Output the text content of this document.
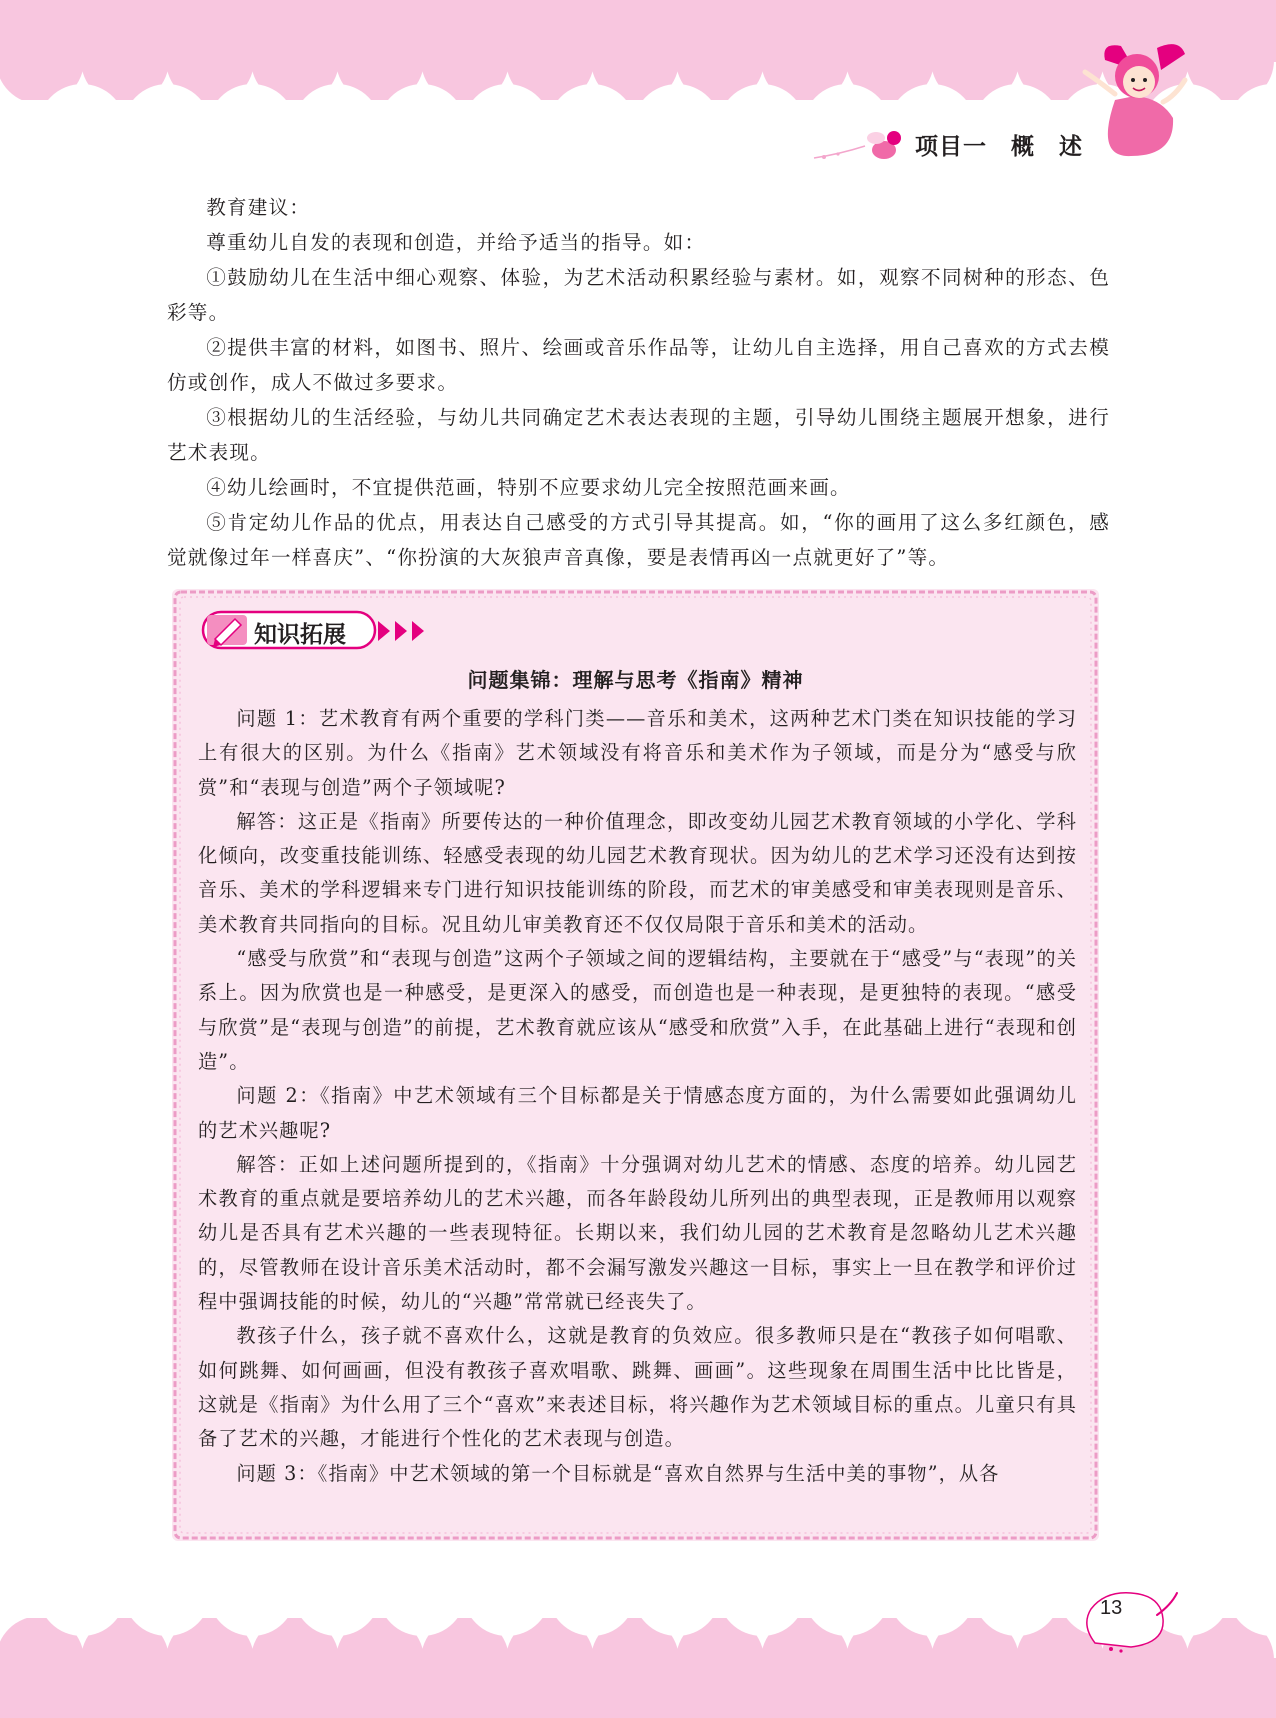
项目一 概　述

教育建议：

尊重幼儿自发的表现和创造，并给予适当的指导。如：

①鼓励幼儿在生活中细心观察、体验，为艺术活动积累经验与素材。如，观察不同树种的形态、色彩等。

②提供丰富的材料，如图书、照片、绘画或音乐作品等，让幼儿自主选择，用自己喜欢的方式去模仿或创作，成人不做过多要求。

③根据幼儿的生活经验，与幼儿共同确定艺术表达表现的主题，引导幼儿围绕主题展开想象，进行艺术表现。

④幼儿绘画时，不宜提供范画，特别不应要求幼儿完全按照范画来画。

⑤肯定幼儿作品的优点，用表达自己感受的方式引导其提高。如，“你的画用了这么多红颜色，感觉就像过年一样喜庆”、“你扮演的大灰狼声音真像，要是表情再凶一点就更好了”等。

知识拓展
问题集锦：理解与思考《指南》精神

问题 1：艺术教育有两个重要的学科门类——音乐和美术，这两种艺术门类在知识技能的学习上有很大的区别。为什么《指南》艺术领域没有将音乐和美术作为子领域，而是分为“感受与欣赏”和“表现与创造”两个子领域呢?

解答：这正是《指南》所要传达的一种价值理念，即改变幼儿园艺术教育领域的小学化、学科化倾向，改变重技能训练、轻感受表现的幼儿园艺术教育现状。因为幼儿的艺术学习还没有达到按音乐、美术的学科逻辑来专门进行知识技能训练的阶段，而艺术的审美感受和审美表现则是音乐、美术教育共同指向的目标。况且幼儿审美教育还不仅仅局限于音乐和美术的活动。

“感受与欣赏”和“表现与创造”这两个子领域之间的逻辑结构，主要就在于“感受”与“表现”的关系上。因为欣赏也是一种感受，是更深入的感受，而创造也是一种表现，是更独特的表现。“感受与欣赏”是“表现与创造”的前提，艺术教育就应该从“感受和欣赏”入手，在此基础上进行“表现和创造”。

问题 2：《指南》中艺术领域有三个目标都是关于情感态度方面的，为什么需要如此强调幼儿的艺术兴趣呢?

解答：正如上述问题所提到的，《指南》十分强调对幼儿艺术的情感、态度的培养。幼儿园艺术教育的重点就是要培养幼儿的艺术兴趣，而各年龄段幼儿所列出的典型表现，正是教师用以观察幼儿是否具有艺术兴趣的一些表现特征。长期以来，我们幼儿园的艺术教育是忽略幼儿艺术兴趣的，尽管教师在设计音乐美术活动时，都不会漏写激发兴趣这一目标，事实上一旦在教学和评价过程中强调技能的时候，幼儿的“兴趣”常常就已经丧失了。

教孩子什么，孩子就不喜欢什么，这就是教育的负效应。很多教师只是在“教孩子如何唱歌、如何跳舞、如何画画，但没有教孩子喜欢唱歌、跳舞、画画”。这些现象在周围生活中比比皆是，这就是《指南》为什么用了三个“喜欢”来表述目标，将兴趣作为艺术领域目标的重点。儿童只有具备了艺术的兴趣，才能进行个性化的艺术表现与创造。

问题 3：《指南》中艺术领域的第一个目标就是“喜欢自然界与生活中美的事物”，从各

13
